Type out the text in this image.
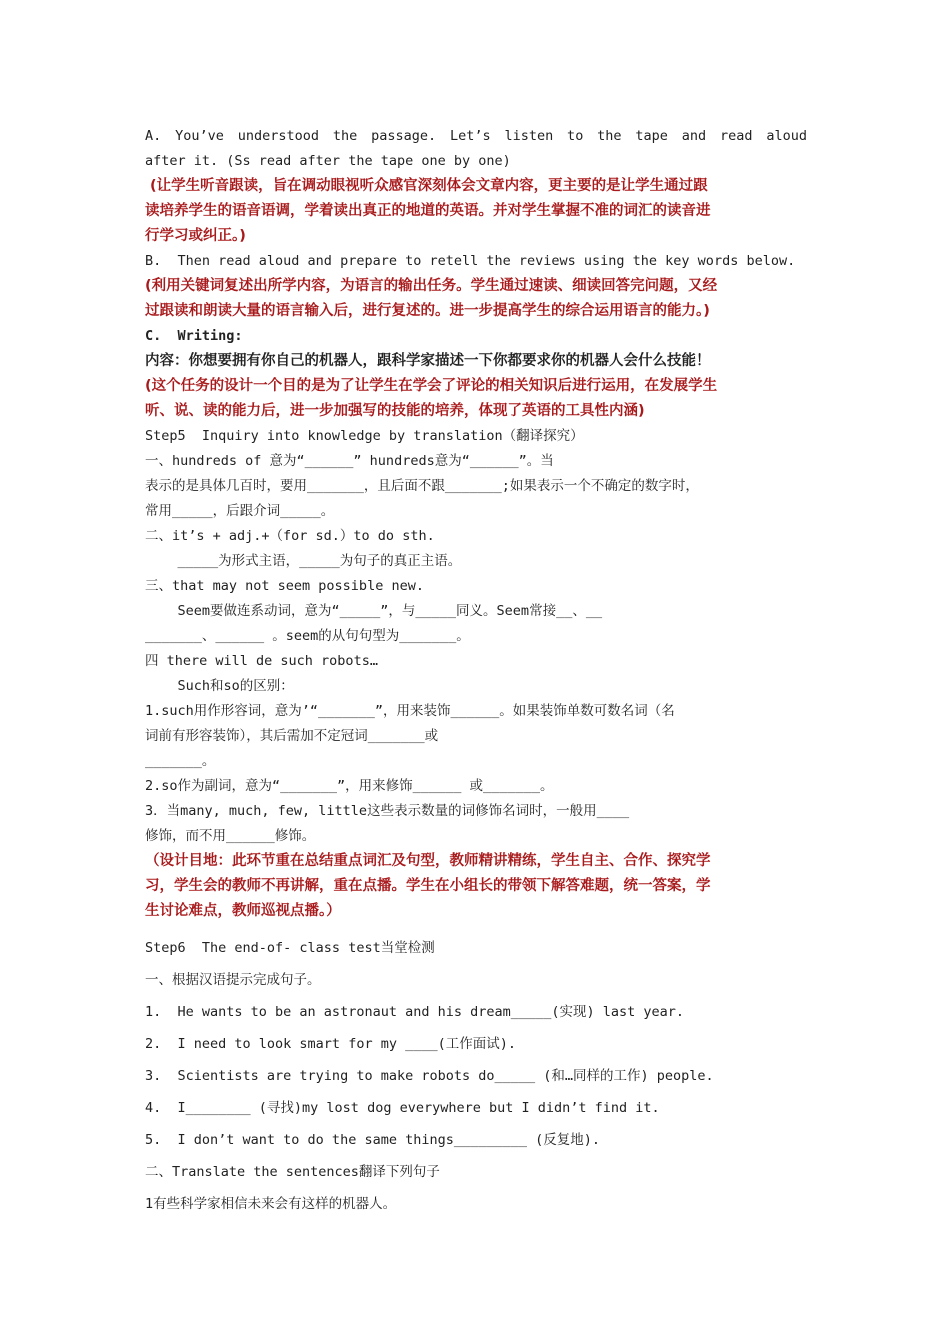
A. You’ve understood the passage. Let’s listen to the tape and read aloud

after it. (Ss read after the tape one by one)

(让学生听音跟读，旨在调动眼视听众感官深刻体会文章内容，更主要的是让学生通过跟

读培养学生的语音语调，学着读出真正的地道的英语。并对学生掌握不准的词汇的读音进

行学习或纠正。)

B.  Then read aloud and prepare to retell the reviews using the key words below.

(利用关键词复述出所学内容，为语言的输出任务。学生通过速读、细读回答完问题，又经

过跟读和朗读大量的语言输入后，进行复述的。进一步提高学生的综合运用语言的能力。)

C.  Writing:

内容：你想要拥有你自己的机器人，跟科学家描述一下你都要求你的机器人会什么技能！

(这个任务的设计一个目的是为了让学生在学会了评论的相关知识后进行运用，在发展学生

听、说、读的能力后，进一步加强写的技能的培养，体现了英语的工具性内涵)

Step5  Inquiry into knowledge by translation（翻译探究）

一、hundreds of 意为“______” hundreds意为“______”。当

表示的是具体几百时，要用_______，且后面不跟_______;如果表示一个不确定的数字时，

常用_____，后跟介词_____。

二、it’s + adj.+（for sd.）to do sth.

_____为形式主语，_____为句子的真正主语。

三、that may not seem possible new.

Seem要做连系动词，意为“_____”，与_____同义。Seem常接__、__

_______、______ 。seem的从句句型为_______。

四 there will de such robots…

Such和so的区别：

1.such用作形容词，意为’“_______”，用来装饰______。如果装饰单数可数名词（名

词前有形容装饰），其后需加不定冠词_______或

_______。

2.so作为副词，意为“_______”，用来修饰______ 或_______。

3．当many, much, few, little这些表示数量的词修饰名词时，一般用____

修饰，而不用______修饰。

（设计目地：此环节重在总结重点词汇及句型，教师精讲精练，学生自主、合作、探究学

习，学生会的教师不再讲解，重在点播。学生在小组长的带领下解答难题，统一答案，学

生讨论难点，教师巡视点播。）

Step6  The end-of- class test当堂检测

一、根据汉语提示完成句子。

1.  He wants to be an astronaut and his dream_____(实现) last year.

2.  I need to look smart for my ____(工作面试).

3.  Scientists are trying to make robots do_____ (和…同样的工作) people.

4.  I________ (寻找)my lost dog everywhere but I didn’t find it.

5.  I don’t want to do the same things_________ (反复地).

二、Translate the sentences翻译下列句子

1有些科学家相信未来会有这样的机器人。
